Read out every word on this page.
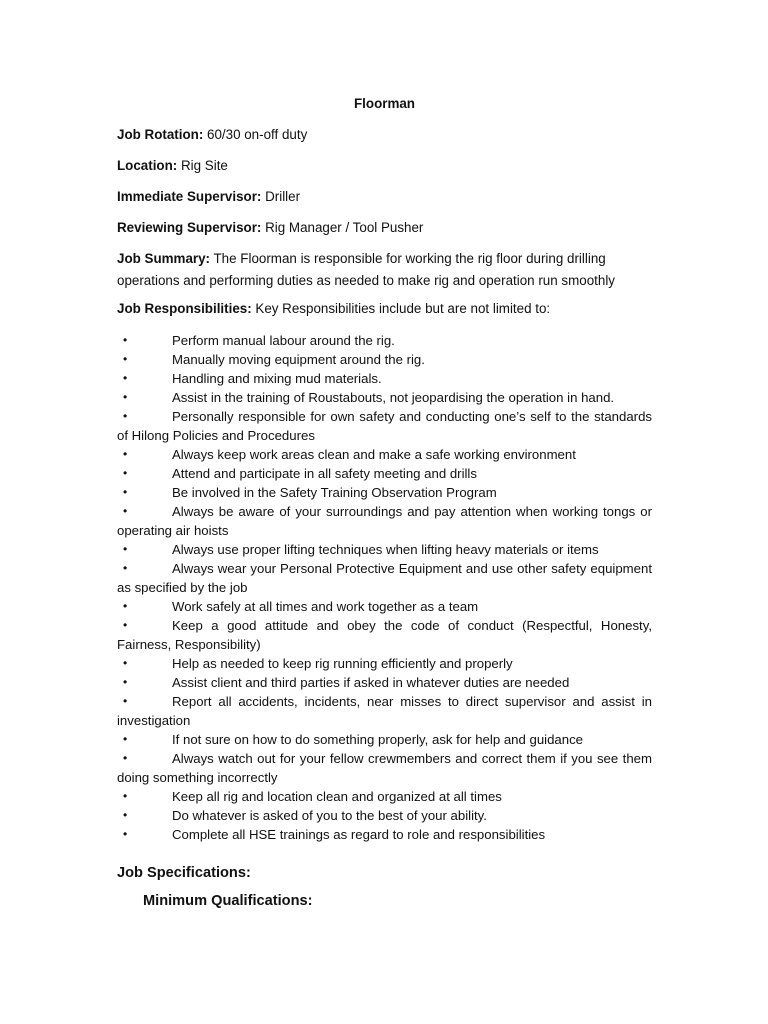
Floorman
Job Rotation: 60/30 on-off duty
Location: Rig Site
Immediate Supervisor: Driller
Reviewing Supervisor: Rig Manager / Tool Pusher
Job Summary: The Floorman is responsible for working the rig floor during drilling operations and performing duties as needed to make rig and operation run smoothly
Job Responsibilities: Key Responsibilities include but are not limited to:
•	Perform manual labour around the rig.
•	Manually moving equipment around the rig.
•	Handling and mixing mud materials.
•	Assist in the training of Roustabouts, not jeopardising the operation in hand.
•	Personally responsible for own safety and conducting one’s self to the standards of Hilong Policies and Procedures
•	Always keep work areas clean and make a safe working environment
•	Attend and participate in all safety meeting and drills
•	Be involved in the Safety Training Observation Program
•	Always be aware of your surroundings and pay attention when working tongs or operating air hoists
•	Always use proper lifting techniques when lifting heavy materials or items
•	Always wear your Personal Protective Equipment and use other safety equipment as specified by the job
•	Work safely at all times and work together as a team
•	Keep a good attitude and obey the code of conduct (Respectful, Honesty, Fairness, Responsibility)
•	Help as needed to keep rig running efficiently and properly
•	Assist client and third parties if asked in whatever duties are needed
•	Report all accidents, incidents, near misses to direct supervisor and assist in investigation
•	If not sure on how to do something properly, ask for help and guidance
•	Always watch out for your fellow crewmembers and correct them if you see them doing something incorrectly
•	Keep all rig and location clean and organized at all times
•	Do whatever is asked of you to the best of your ability.
•	Complete all HSE trainings as regard to role and responsibilities
Job Specifications:
Minimum Qualifications:
